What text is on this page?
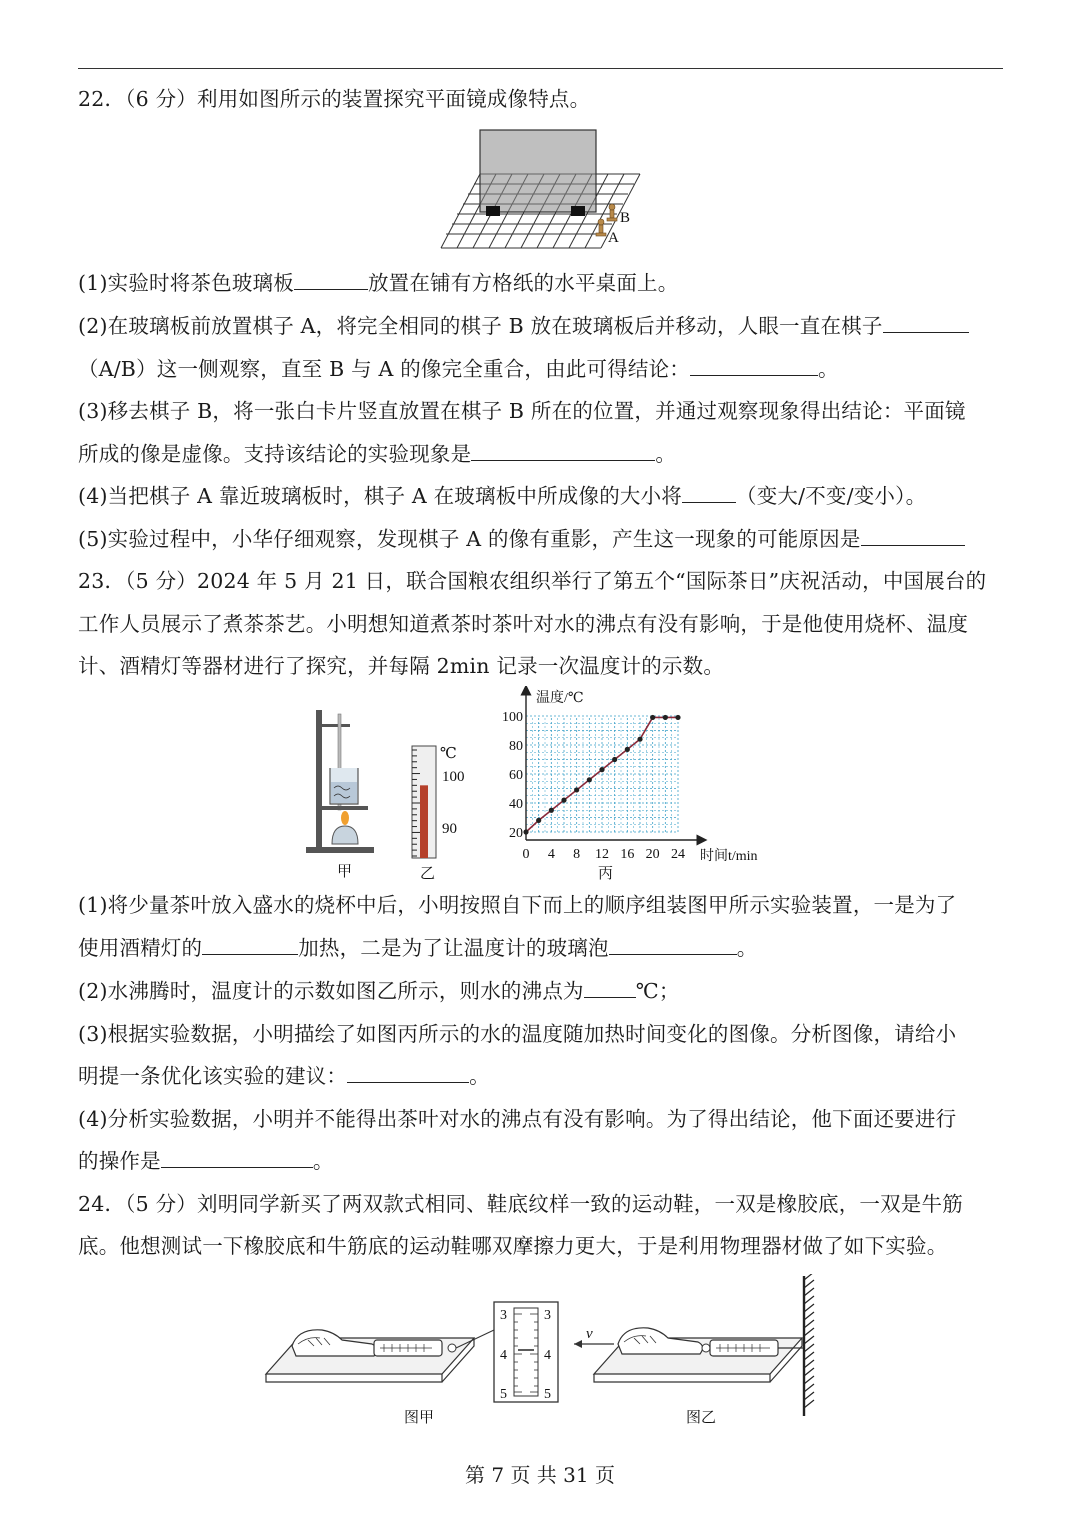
22．（6 分）利用如图所示的装置探究平面镜成像特点。
B
A
(1)实验时将茶色玻璃板	放置在铺有方格纸的水平桌面上。
(2)在玻璃板前放置棋子 A，将完全相同的棋子 B 放在玻璃板后并移动，人眼一直在棋子
（A/B）这一侧观察，直至 B 与 A 的像完全重合，由此可得结论：	。
(3)移去棋子 B，将一张白卡片竖直放置在棋子 B 所在的位置，并通过观察现象得出结论：平面镜
所成的像是虚像。支持该结论的实验现象是	。
(4)当把棋子 A 靠近玻璃板时，棋子 A 在玻璃板中所成像的大小将	（变大/不变/变小）。
(5)实验过程中，小华仔细观察，发现棋子 A 的像有重影，产生这一现象的可能原因是
23．（5 分）2024 年 5 月 21 日，联合国粮农组织举行了第五个“国际茶日”庆祝活动，中国展台的
工作人员展示了煮茶茶艺。小明想知道煮茶时茶叶对水的沸点有没有影响，于是他使用烧杯、温度
计、酒精灯等器材进行了探究，并每隔 2min 记录一次温度计的示数。
甲
℃
100
90
乙
温度/℃
时间t/min
20
40
60
80
100
0 4 8 12 16 20 24
丙
(1)将少量茶叶放入盛水的烧杯中后，小明按照自下而上的顺序组装图甲所示实验装置，一是为了
使用酒精灯的	加热，二是为了让温度计的玻璃泡	。
(2)水沸腾时，温度计的示数如图乙所示，则水的沸点为	℃；
(3)根据实验数据，小明描绘了如图丙所示的水的温度随加热时间变化的图像。分析图像，请给小
明提一条优化该实验的建议：	。
(4)分析实验数据，小明并不能得出茶叶对水的沸点有没有影响。为了得出结论，他下面还要进行
的操作是	。
24．（5 分）刘明同学新买了两双款式相同、鞋底纹样一致的运动鞋，一双是橡胶底，一双是牛筋
底。他想测试一下橡胶底和牛筋底的运动鞋哪双摩擦力更大，于是利用物理器材做了如下实验。
3	3
4	4
5	5
v
图甲	图乙
第 7 页 共 31 页
